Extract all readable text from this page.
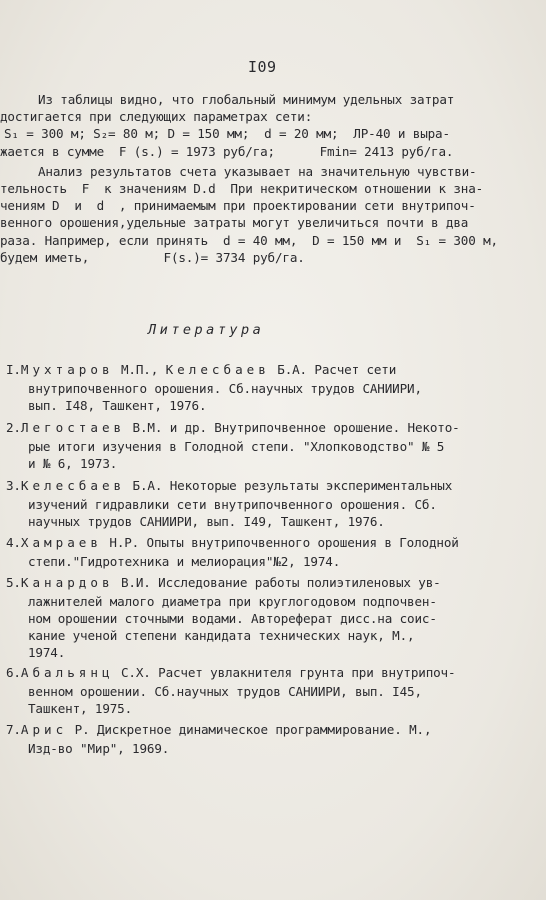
I09
Из таблицы видно, что глобальный минимум удельных затрат
достигается при следующих параметрах сети:
S₁ = 300 м; S₂= 80 м; D = 150 мм;  d = 20 мм;  ЛР-40 и выра-
жается в сумме  F (s.) = 1973 руб/га;      Fmin= 2413 руб/га.
Анализ результатов счета указывает на значительную чувстви-
тельность  F  к значениям D.d  При некритическом отношении к зна-
чениям D  и  d  , принимаемым при проектировании сети внутрипоч-
венного орошения,удельные затраты могут увеличиться почти в два
раза. Например, если принять  d = 40 мм,  D = 150 мм и  S₁ = 300 м,
будем иметь,          F(s.)= 3734 руб/га.
Литература
I.Мухтаров М.П., Келесбаев Б.А. Расчет сети
внутрипочвенного орошения. Сб.научных трудов САНИИРИ,
вып. I48, Ташкент, 1976.
2.Легостаев В.М. и др. Внутрипочвенное орошение. Некото-
рые итоги изучения в Голодной степи. "Хлопководство" № 5
и № 6, 1973.
3.Келесбаев Б.А. Некоторые результаты экспериментальных
изучений гидравлики сети внутрипочвенного орошения. Сб.
научных трудов САНИИРИ, вып. I49, Ташкент, 1976.
4.Хамраев Н.Р. Опыты внутрипочвенного орошения в Голодной
степи."Гидротехника и мелиорация"№2, 1974.
5.Канардов В.И. Исследование работы полиэтиленовых ув-
лажнителей малого диаметра при круглогодовом подпочвен-
ном орошении сточными водами. Автореферат дисс.на соис-
кание ученой степени кандидата технических наук, М.,
1974.
6.Абальянц С.Х. Расчет увлакнителя грунта при внутрипоч-
венном орошении. Сб.научных трудов САНИИРИ, вып. I45,
Ташкент, 1975.
7.Арис Р. Дискретное динамическое программирование. М.,
Изд-во "Мир", 1969.
